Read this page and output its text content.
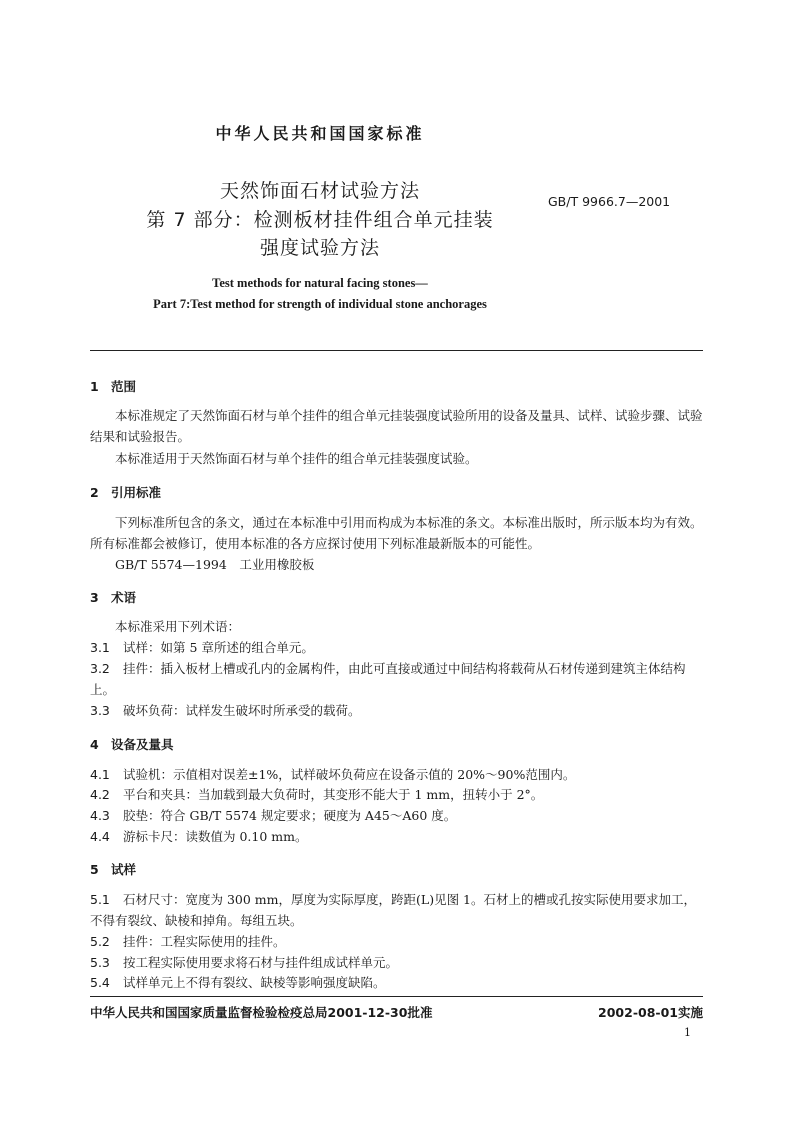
中华人民共和国国家标准
天然饰面石材试验方法
第 7 部分：检测板材挂件组合单元挂装
强度试验方法
GB/T 9966.7—2001
Test methods for natural facing stones—
Part 7:Test method for strength of individual stone anchorages
1 范围
本标准规定了天然饰面石材与单个挂件的组合单元挂装强度试验所用的设备及量具、试样、试验步骤、试验结果和试验报告。
本标准适用于天然饰面石材与单个挂件的组合单元挂装强度试验。
2 引用标准
下列标准所包含的条文，通过在本标准中引用而构成为本标准的条文。本标准出版时，所示版本均为有效。所有标准都会被修订，使用本标准的各方应探讨使用下列标准最新版本的可能性。
GB/T 5574—1994　工业用橡胶板
3 术语
本标准采用下列术语：
3.1 试样：如第 5 章所述的组合单元。
3.2 挂件：插入板材上槽或孔内的金属构件，由此可直接或通过中间结构将载荷从石材传递到建筑主体结构上。
3.3 破坏负荷：试样发生破坏时所承受的载荷。
4 设备及量具
4.1 试验机：示值相对误差±1%，试样破坏负荷应在设备示值的 20%～90%范围内。
4.2 平台和夹具：当加载到最大负荷时，其变形不能大于 1 mm，扭转小于 2°。
4.3 胶垫：符合 GB/T 5574 规定要求；硬度为 A45～A60 度。
4.4 游标卡尺：读数值为 0.10 mm。
5 试样
5.1 石材尺寸：宽度为 300 mm，厚度为实际厚度，跨距(L)见图 1。石材上的槽或孔按实际使用要求加工，不得有裂纹、缺棱和掉角。每组五块。
5.2 挂件：工程实际使用的挂件。
5.3 按工程实际使用要求将石材与挂件组成试样单元。
5.4 试样单元上不得有裂纹、缺棱等影响强度缺陷。
中华人民共和国国家质量监督检验检疫总局2001-12-30批准	2002-08-01实施
1
